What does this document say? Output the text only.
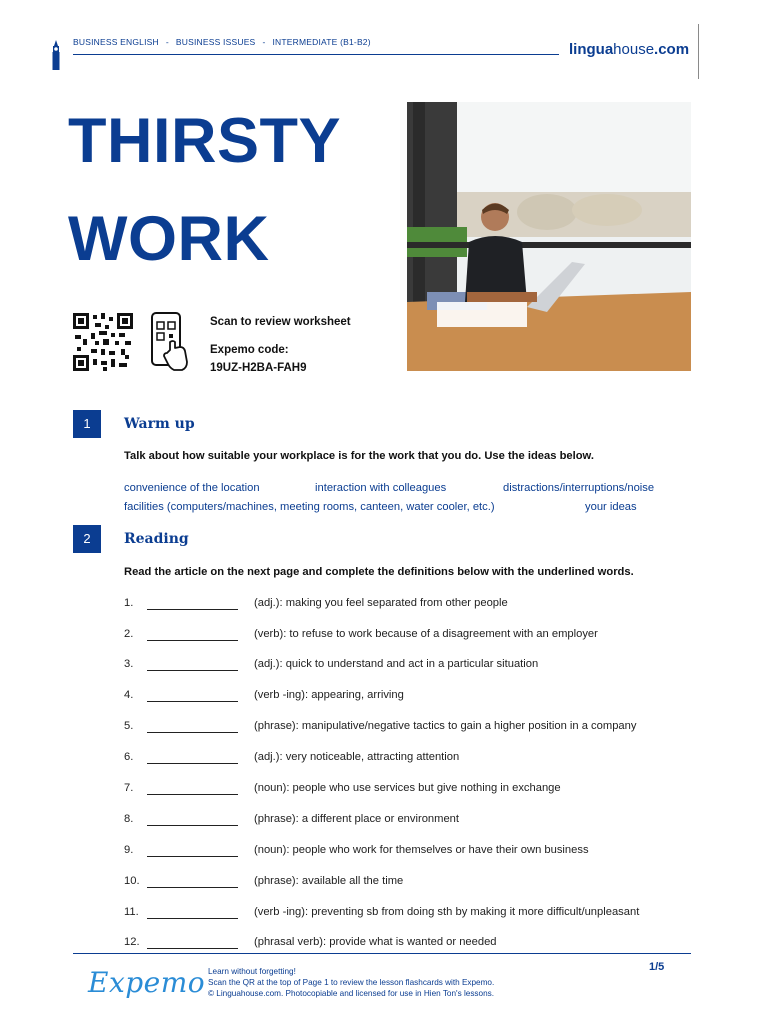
BUSINESS ENGLISH - BUSINESS ISSUES - INTERMEDIATE (B1-B2)	linguahouse.com
THIRSTY
WORK
Scan to review worksheet
Expemo code:
19UZ-H2BA-FAH9
1	Warm up
Talk about how suitable your workplace is for the work that you do. Use the ideas below.
convenience of the location	interaction with colleagues	distractions/interruptions/noise
facilities (computers/machines, meeting rooms, canteen, water cooler, etc.)	your ideas
2	Reading
Read the article on the next page and complete the definitions below with the underlined words.
1.	(adj.): making you feel separated from other people
2.	(verb): to refuse to work because of a disagreement with an employer
3.	(adj.): quick to understand and act in a particular situation
4.	(verb -ing): appearing, arriving
5.	(phrase): manipulative/negative tactics to gain a higher position in a company
6.	(adj.): very noticeable, attracting attention
7.	(noun): people who use services but give nothing in exchange
8.	(phrase): a different place or environment
9.	(noun): people who work for themselves or have their own business
10.	(phrase): available all the time
11.	(verb -ing): preventing sb from doing sth by making it more difficult/unpleasant
12.	(phrasal verb): provide what is wanted or needed
Expemo Learn without forgetting!
Scan the QR at the top of Page 1 to review the lesson flashcards with Expemo.
© Linguahouse.com. Photocopiable and licensed for use in Hien Ton's lessons.
1/5
